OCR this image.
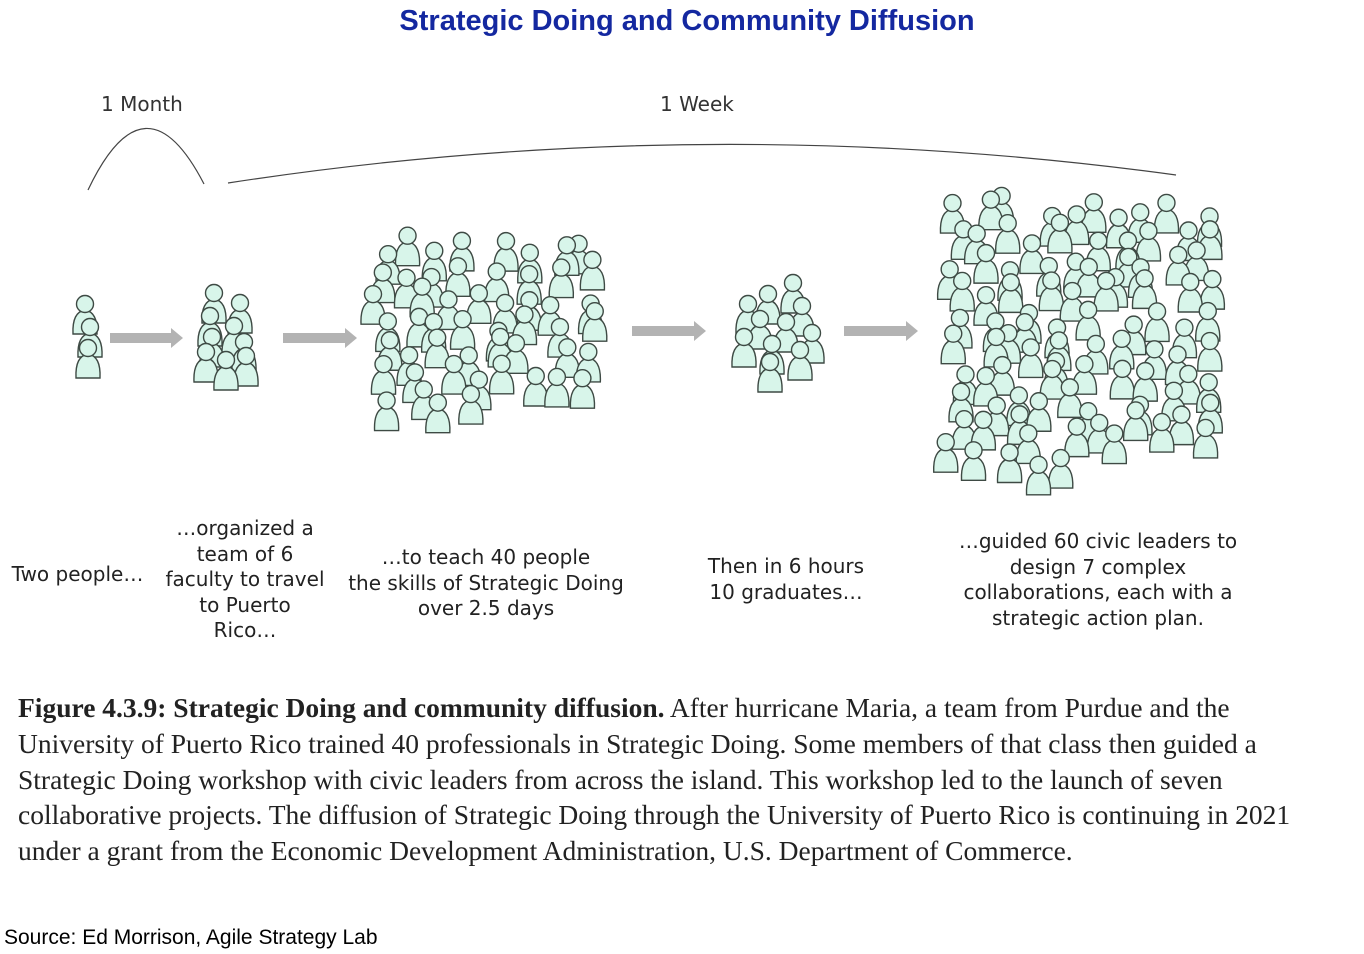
Strategic Doing and Community Diffusion
1 Month	1 Week
Two people…
…organized a
team of 6
faculty to travel
to Puerto
Rico…
…to teach 40 people
the skills of Strategic Doing
over 2.5 days
Then in 6 hours
10 graduates…
…guided 60 civic leaders to
design 7 complex
collaborations, each with a
strategic action plan.
Figure 4.3.9: Strategic Doing and community diffusion. After hurricane Maria, a team from Purdue and the University of Puerto Rico trained 40 professionals in Strategic Doing. Some members of that class then guided a Strategic Doing workshop with civic leaders from across the island. This workshop led to the launch of seven collaborative projects. The diffusion of Strategic Doing through the University of Puerto Rico is continuing in 2021 under a grant from the Economic Development Administration, U.S. Department of Commerce.
Source: Ed Morrison, Agile Strategy Lab
